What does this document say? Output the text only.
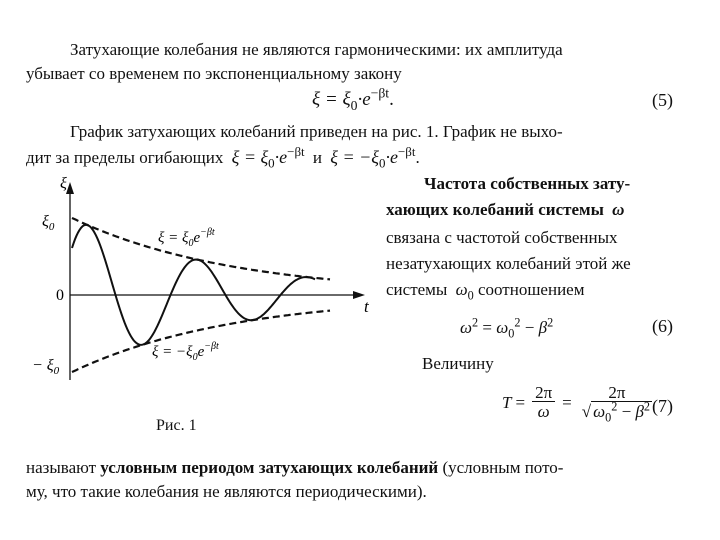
Затухающие колебания не являются гармоническими: их амплитуда
убывает со временем по экспоненциальному закону
$\xi = \xi_0\cdot e^{-\beta t}$.	(5)
График затухающих колебаний приведен на рис. 1. График не выхо-
дит за пределы огибающих $\xi = \xi_0\cdot e^{-\beta t}$ и $\xi = -\xi_0\cdot e^{-\beta t}$.
ξ
t
$\xi_0$
0
− $\xi_0$
$\xi = \xi_0e^{-\beta t}$
$\xi = -\xi_0e^{-\beta t}$
Рис. 1
Частота собственных зату-
хающих колебаний системы ω
связана с частотой собственных
незатухающих колебаний этой же
системы $\omega_0$ соотношением
$\omega^2 = \omega_0^2 - \beta^2$	(6)
Величину
$T = \frac{2\pi}{\omega} = \frac{2\pi}{√ \omega_0^2 - \beta^2}$
(7)
называют условным периодом затухающих колебаний (условным пото-
му, что такие колебания не являются периодическими).
